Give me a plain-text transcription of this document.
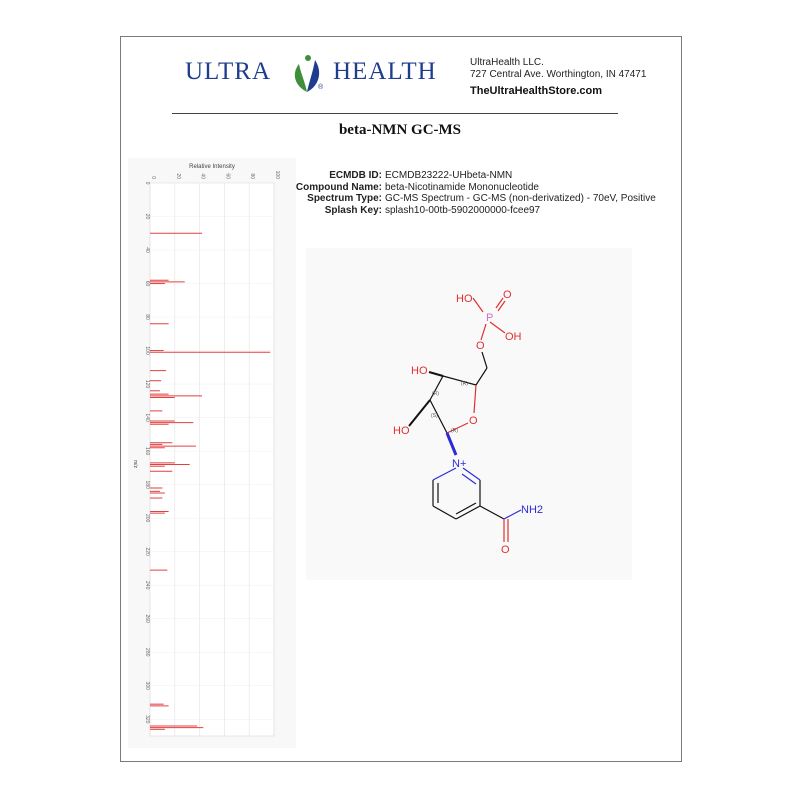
ULTRA HEALTH
®
UltraHealth LLC.
727 Central Ave. Worthington, IN 47471
TheUltraHealthStore.com
beta-NMN GC-MS
0	20	40	60	80	100
0
20
40
60
80
100
120
140
160
180
200
220
240
260
280
300
320
Relative Intensity
m/z
ECMDB ID: ECMDB23222-UHbeta-NMN
Compound Name: beta-Nicotinamide Mononucleotide
Spectrum Type: GC-MS Spectrum - GC-MS (non-derivatized) - 70eV, Positive
Splash Key: splash10-00tb-5902000000-fcee97
HO
P
O
OH
O
HO
HO
O
N+
NH2
O
(R)
(R)
(S)
(R)
